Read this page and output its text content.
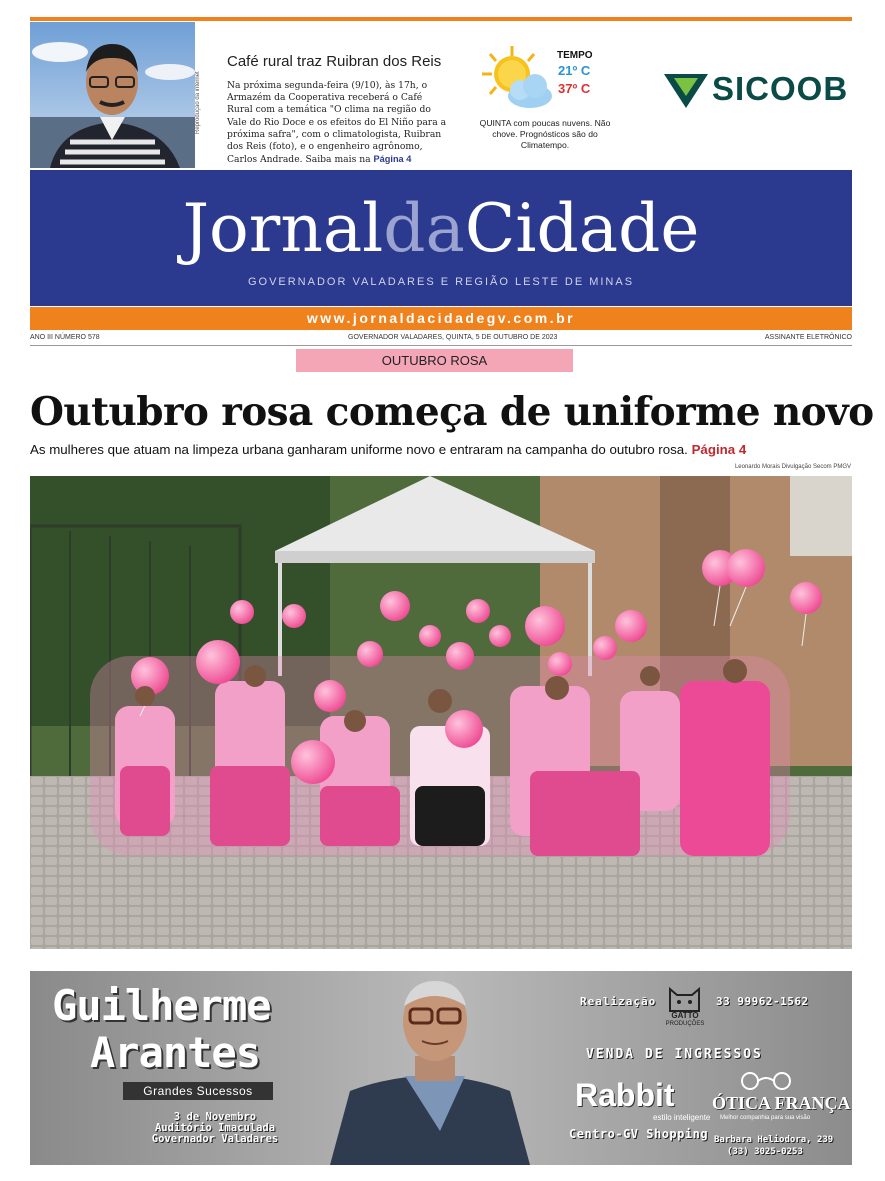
Reprodução da internet
Café rural traz Ruibran dos Reis
Na próxima segunda-feira (9/10), às 17h, o Armazém da Cooperativa receberá o Café Rural com a temática "O clima na região do Vale do Rio Doce e os efeitos do El Niño para a próxima safra", com o climatologista, Ruibran dos Reis (foto), e o engenheiro agrônomo, Carlos Andrade. Saiba mais na Página 4
TEMPO
21º C
37º C
QUINTA com poucas nuvens. Não chove. Prognósticos são do Climatempo.
SICOOB
JornaldaCidade
GOVERNADOR VALADARES E REGIÃO LESTE DE MINAS
www.jornaldacidadegv.com.br
ANO III NÚMERO 578	GOVERNADOR VALADARES, QUINTA, 5 DE OUTUBRO DE 2023	ASSINANTE ELETRÔNICO
OUTUBRO ROSA
Outubro rosa começa de uniforme novo
As mulheres que atuam na limpeza urbana ganharam uniforme novo e entraram na campanha do outubro rosa. Página 4
Leonardo Morais Divulgação Secom PMGV
Guilherme
Arantes
Grandes Sucessos
3 de Novembro
Auditório Imaculada
Governador Valadares
Realização
GATTO
PRODUÇÕES
33 99962-1562
VENDA DE INGRESSOS
Rabbit
estilo inteligente
Centro-GV Shopping
ÓTICA FRANÇA
Melhor companhia para sua visão
Barbara Heliodora, 239
(33) 3025-0253
